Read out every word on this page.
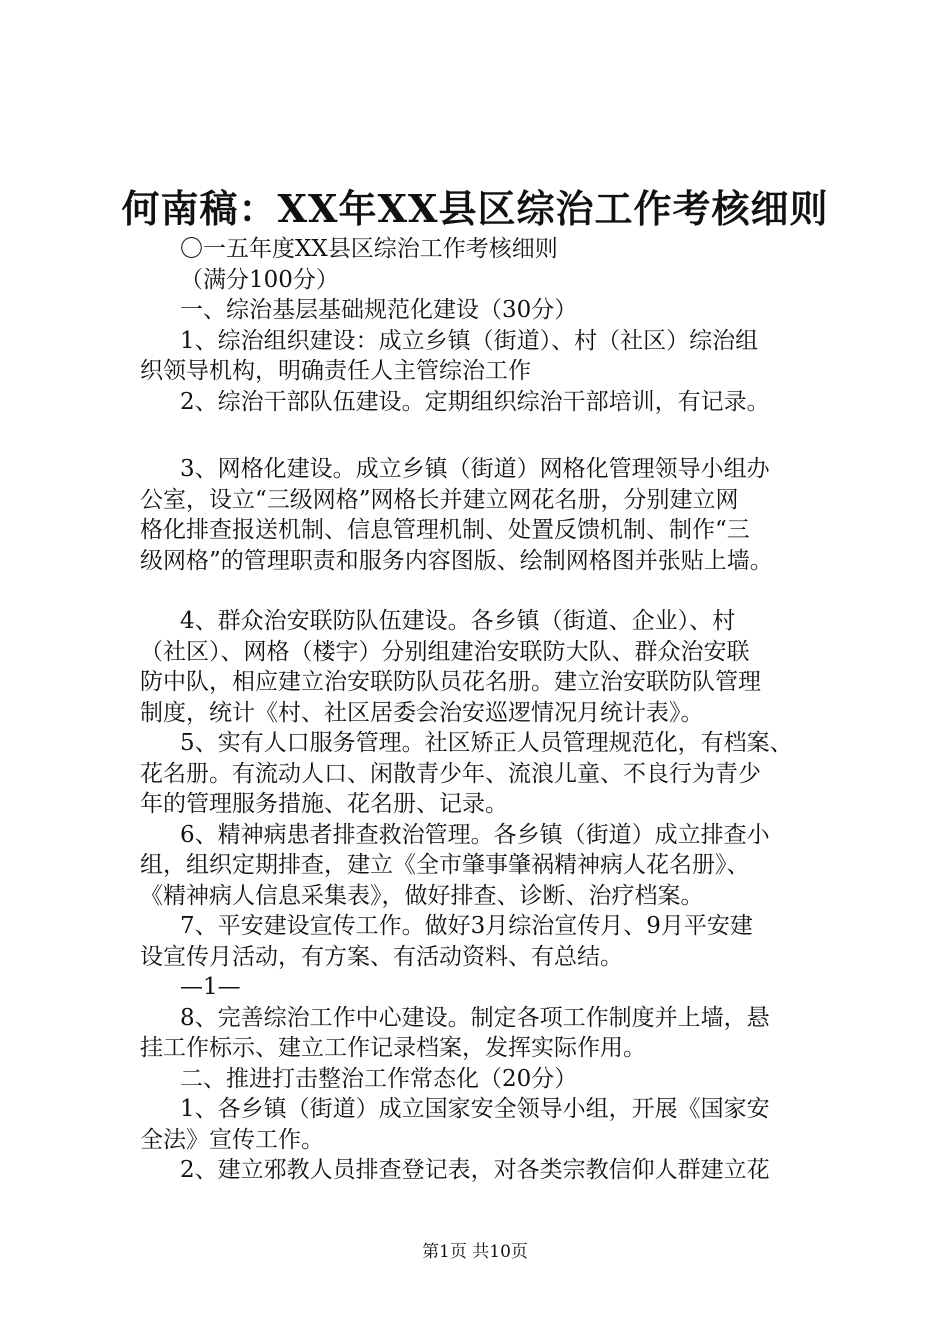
何南稿：XX年XX县区综治工作考核细则

〇一五年度XX县区综治工作考核细则

（满分100分）

一、综治基层基础规范化建设（30分）

1、综治组织建设：成立乡镇（街道）、村（社区）综治组

织领导机构，明确责任人主管综治工作

2、综治干部队伍建设。定期组织综治干部培训，有记录。

3、网格化建设。成立乡镇（街道）网格化管理领导小组办

公室，设立“三级网格”网格长并建立网花名册，分别建立网

格化排查报送机制、信息管理机制、处置反馈机制、制作“三

级网格”的管理职责和服务内容图版、绘制网格图并张贴上墙。

4、群众治安联防队伍建设。各乡镇（街道、企业）、村

（社区）、网格（楼宇）分别组建治安联防大队、群众治安联

防中队，相应建立治安联防队员花名册。建立治安联防队管理

制度，统计《村、社区居委会治安巡逻情况月统计表》。

5、实有人口服务管理。社区矫正人员管理规范化，有档案、

花名册。有流动人口、闲散青少年、流浪儿童、不良行为青少

年的管理服务措施、花名册、记录。

6、精神病患者排查救治管理。各乡镇（街道）成立排查小

组，组织定期排查，建立《全市肇事肇祸精神病人花名册》、

《精神病人信息采集表》，做好排查、诊断、治疗档案。

7、平安建设宣传工作。做好3月综治宣传月、9月平安建

设宣传月活动，有方案、有活动资料、有总结。

—1—

8、完善综治工作中心建设。制定各项工作制度并上墙，悬

挂工作标示、建立工作记录档案，发挥实际作用。

二、推进打击整治工作常态化（20分）

1、各乡镇（街道）成立国家安全领导小组，开展《国家安

全法》宣传工作。

2、建立邪教人员排查登记表，对各类宗教信仰人群建立花

第1页 共10页
